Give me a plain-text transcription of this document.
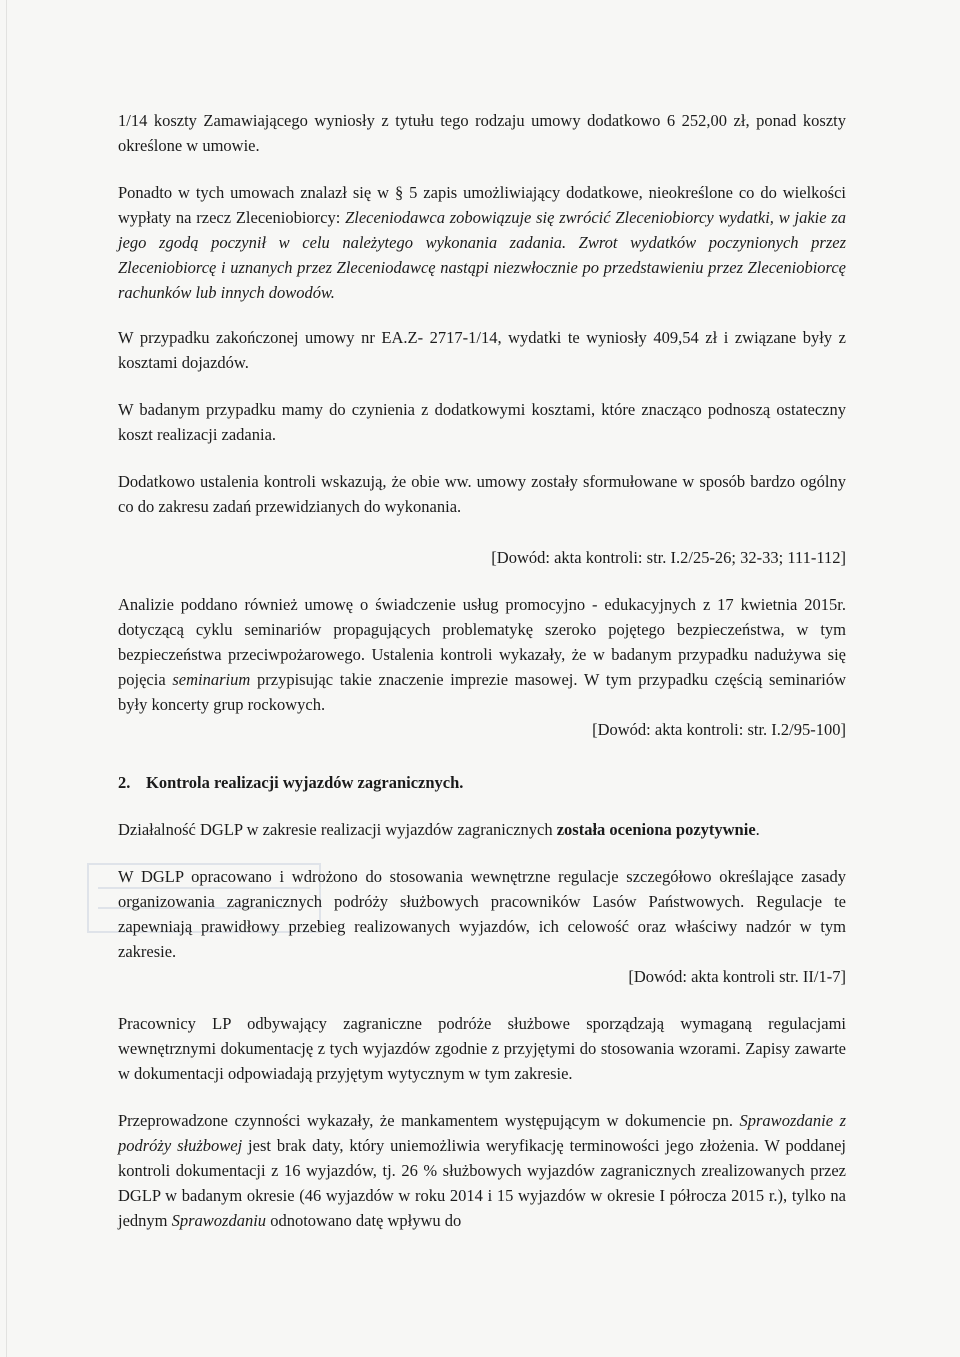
1/14 koszty Zamawiającego wyniosły z tytułu tego rodzaju umowy dodatkowo 6 252,00 zł, ponad koszty określone w umowie.

Ponadto w tych umowach znalazł się w § 5 zapis umożliwiający dodatkowe, nieokreślone co do wielkości wypłaty na rzecz Zleceniobiorcy: Zleceniodawca zobowiązuje się zwrócić Zleceniobiorcy wydatki, w jakie za jego zgodą poczynił w celu należytego wykonania zadania. Zwrot wydatków poczynionych przez Zleceniobiorcę i uznanych przez Zleceniodawcę nastąpi niezwłocznie po przedstawieniu przez Zleceniobiorcę rachunków lub innych dowodów.

W przypadku zakończonej umowy nr EA.Z- 2717-1/14, wydatki te wyniosły 409,54 zł i związane były z kosztami dojazdów.

W badanym przypadku mamy do czynienia z dodatkowymi kosztami, które znacząco podnoszą ostateczny koszt realizacji zadania.

Dodatkowo ustalenia kontroli wskazują, że obie ww. umowy zostały sformułowane w sposób bardzo ogólny co do zakresu zadań przewidzianych do wykonania.

[Dowód: akta kontroli: str. I.2/25-26; 32-33; 111-112]

Analizie poddano również umowę o świadczenie usług promocyjno - edukacyjnych z 17 kwietnia 2015r. dotyczącą cyklu seminariów propagujących problematykę szeroko pojętego bezpieczeństwa, w tym bezpieczeństwa przeciwpożarowego. Ustalenia kontroli wykazały, że w badanym przypadku nadużywa się pojęcia seminarium przypisując takie znaczenie imprezie masowej. W tym przypadku częścią seminariów były koncerty grup rockowych.

[Dowód: akta kontroli: str. I.2/95-100]

2. Kontrola realizacji wyjazdów zagranicznych.

Działalność DGLP w zakresie realizacji wyjazdów zagranicznych została oceniona pozytywnie.

W DGLP opracowano i wdrożono do stosowania wewnętrzne regulacje szczegółowo określające zasady organizowania zagranicznych podróży służbowych pracowników Lasów Państwowych. Regulacje te zapewniają prawidłowy przebieg realizowanych wyjazdów, ich celowość oraz właściwy nadzór w tym zakresie.

[Dowód: akta kontroli str. II/1-7]

Pracownicy LP odbywający zagraniczne podróże służbowe sporządzają wymaganą regulacjami wewnętrznymi dokumentację z tych wyjazdów zgodnie z przyjętymi do stosowania wzorami. Zapisy zawarte w dokumentacji odpowiadają przyjętym wytycznym w tym zakresie.

Przeprowadzone czynności wykazały, że mankamentem występującym w dokumencie pn. Sprawozdanie z podróży służbowej jest brak daty, który uniemożliwia weryfikację terminowości jego złożenia. W poddanej kontroli dokumentacji z 16 wyjazdów, tj. 26 % służbowych wyjazdów zagranicznych zrealizowanych przez DGLP w badanym okresie (46 wyjazdów w roku 2014 i 15 wyjazdów w okresie I półrocza 2015 r.), tylko na jednym Sprawozdaniu odnotowano datę wpływu do
